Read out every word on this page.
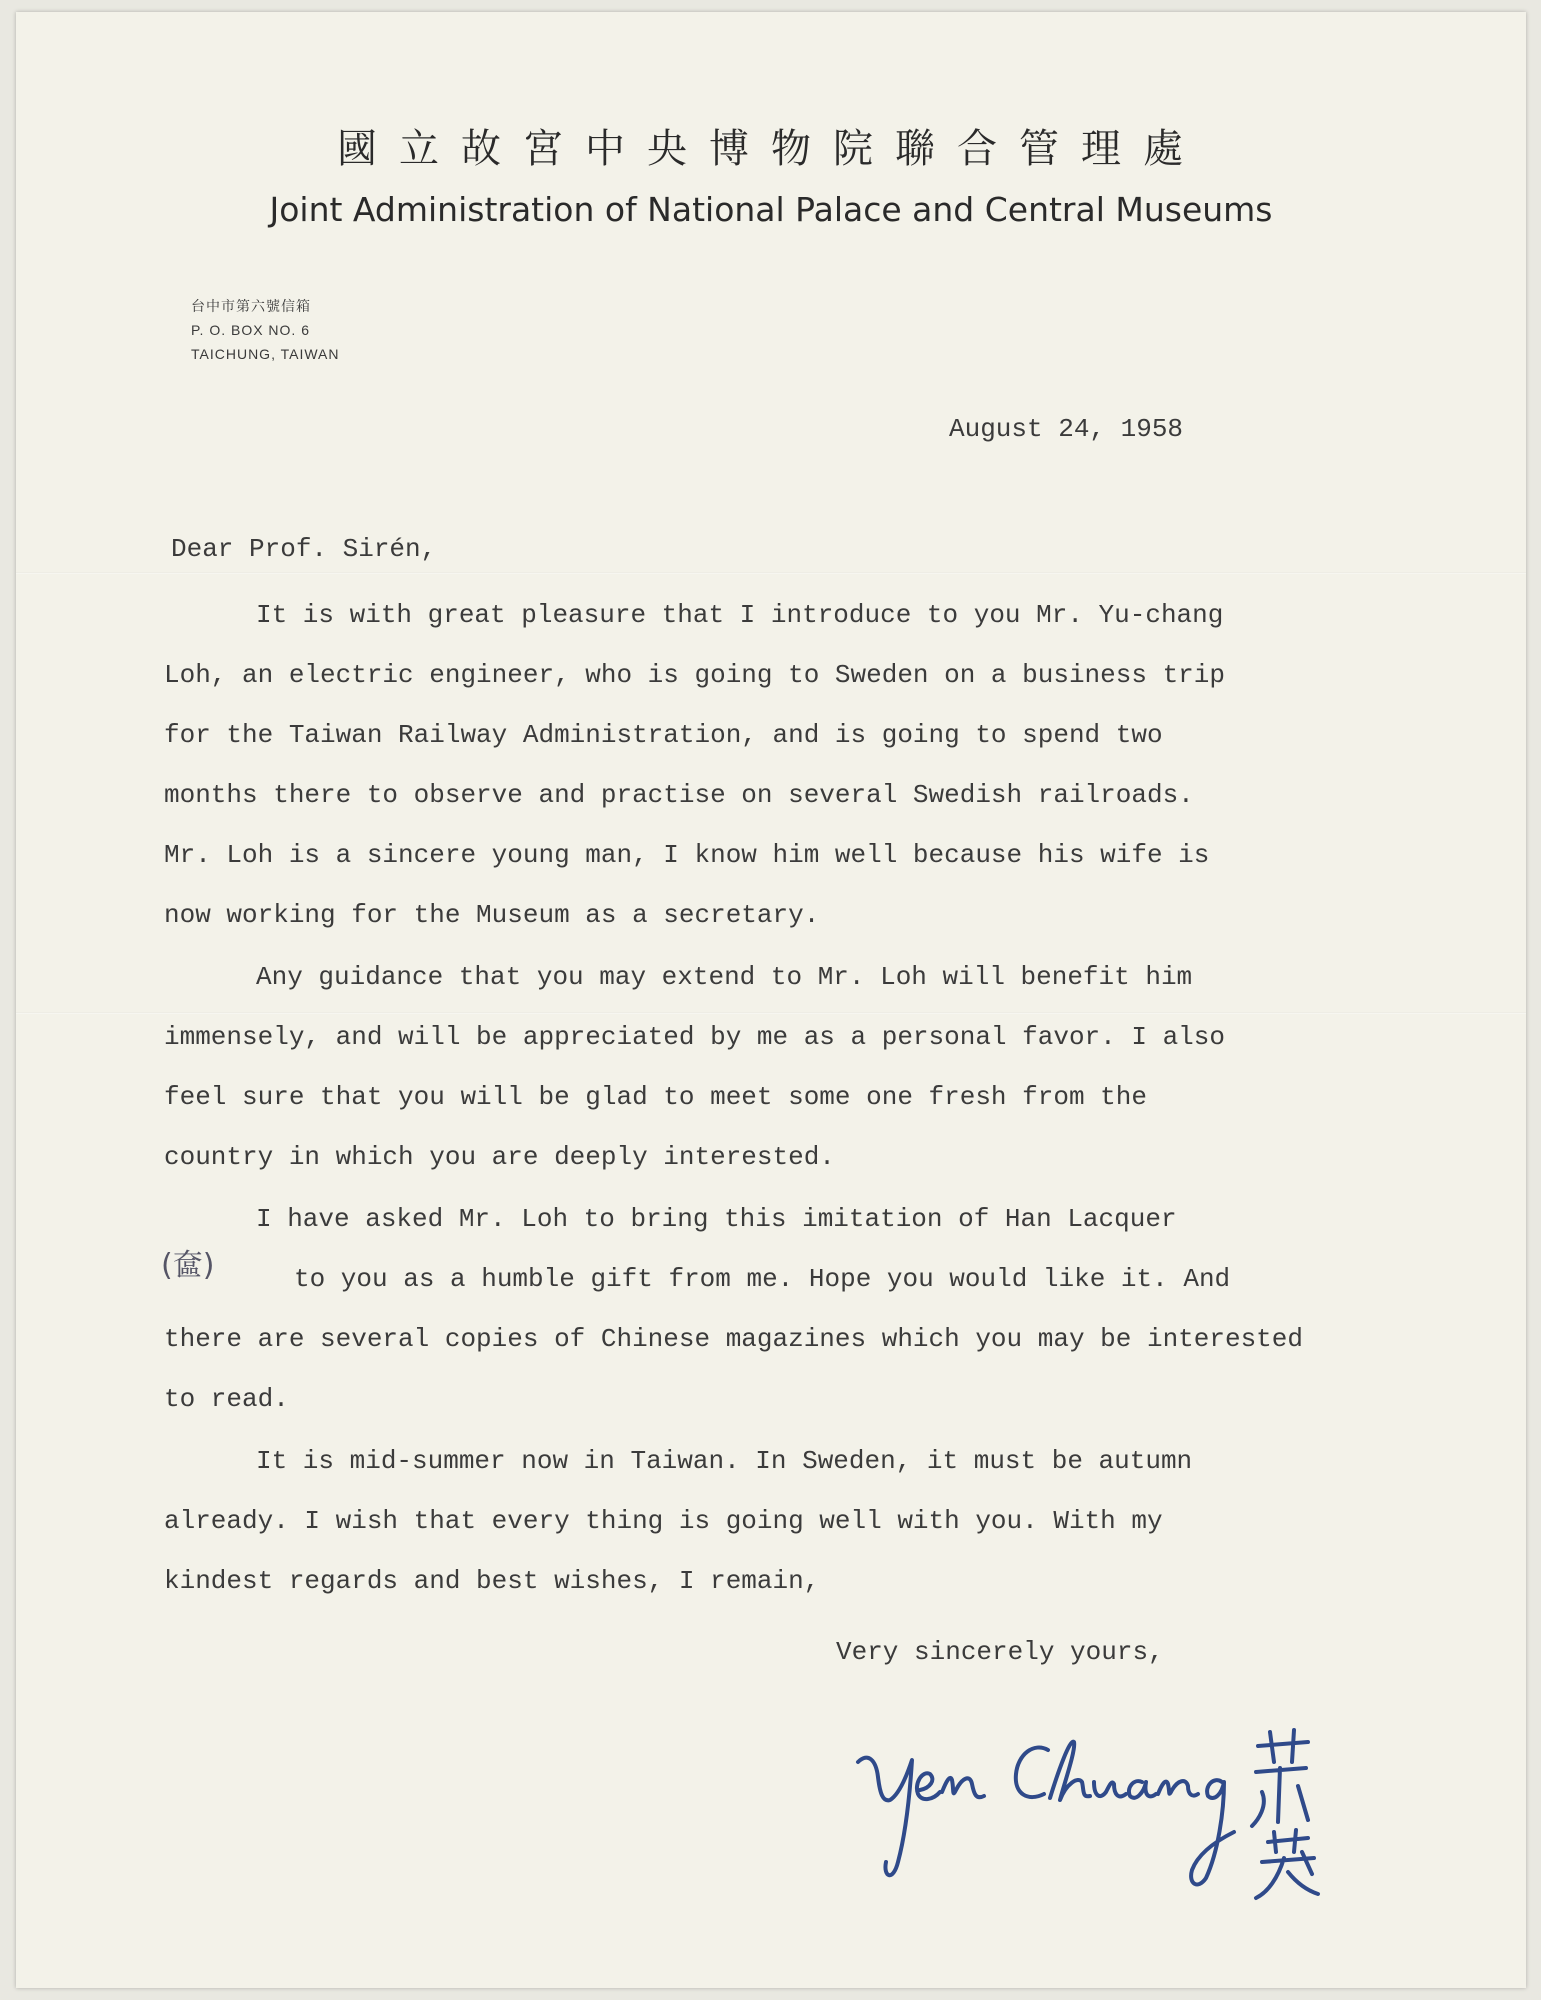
國立故宮中央博物院聯合管理處
Joint Administration of National Palace and Central Museums
台中市第六號信箱
P. O. BOX NO. 6
TAICHUNG, TAIWAN
August 24, 1958
Dear Prof. Sirén,
It is with great pleasure that I introduce to you Mr. Yu-chang
Loh, an electric engineer, who is going to Sweden on a business trip
for the Taiwan Railway Administration, and is going to spend two
months there to observe and practise on several Swedish railroads.
Mr. Loh is a sincere young man, I know him well because his wife is
now working for the Museum as a secretary.
Any guidance that you may extend to Mr. Loh will benefit him
immensely, and will be appreciated by me as a personal favor. I also
feel sure that you will be glad to meet some one fresh from the
country in which you are deeply interested.
I have asked Mr. Loh to bring this imitation of Han Lacquer
(奩)	to you as a humble gift from me. Hope you would like it. And
there are several copies of Chinese magazines which you may be interested
to read.
It is mid-summer now in Taiwan. In Sweden, it must be autumn
already. I wish that every thing is going well with you. With my
kindest regards and best wishes, I remain,
Very sincerely yours,
